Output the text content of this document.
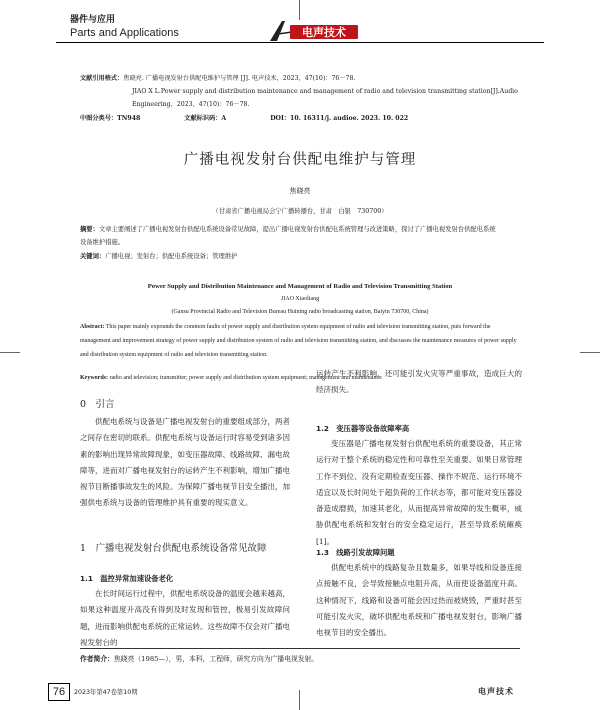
器件与应用
Parts and Applications	电声技术
文献引用格式：焦晓亮. 广播电视发射台供配电维护与管理 [J]. 电声技术，2023，47(10)：76－78.
JIAO X L.Power supply and distribution maintenance and management of radio and television transmitting station[J].Audio
Engineering，2023，47(10)：76－78.
中图分类号：TN948	文献标识码：A	DOI：10. 16311/j. audioe. 2023. 10. 022
广播电视发射台供配电维护与管理
焦晓亮
（甘肃省广播电视局会宁广播转播台，甘肃　白银　730700）
摘要：文章主要阐述了广播电视发射台供配电系统设备常见故障，提出广播电视发射台供配电系统管理与改进策略，探讨了广播电视发射台供配电系统设备维护措施。
关键词：广播电视；发射台；供配电系统设备；管理维护
Power Supply and Distribution Maintenance and Management of Radio and Television Transmitting Station
JIAO Xiaoliang
(Gansu Provincial Radio and Television Bureau Huining radio broadcasting station, Baiyin 730700, China)
Abstract: This paper mainly expounds the common faults of power supply and distribution system equipment of radio and television transmitting station, puts forward the management and improvement strategy of power supply and distribution system of radio and television transmitting station, and discusses the maintenance measures of power supply and distribution system equipment of radio and television transmitting station.
Keywords: radio and television; transmitter; power supply and distribution system equipment; management and maintenance
0　引言

供配电系统与设备是广播电视发射台的重要组成部分，两者之间存在密切的联系。供配电系统与设备运行时容易受到诸多因素的影响出现异常故障现象，如变压器故障、线路故障、漏电故障等，进而对广播电视发射台的运转产生不利影响，增加广播电视节目断播事故发生的风险。为保障广播电视节目安全播出，加强供电系统与设备的管理维护具有重要的现实意义。

1　广播电视发射台供配电系统设备常见故障
1.1　温控异常加速设备老化

在长时间运行过程中，供配电系统设备的温度会越来越高，如果这种温度升高没有得到及时发现和管控，极易引发故障问题，进而影响供配电系统的正常运转。这些故障不仅会对广播电视发射台的

运转产生不利影响，还可能引发火灾等严重事故，造成巨大的经济损失。

1.2　变压器等设备故障率高

变压器是广播电视发射台供配电系统的重要设备，其正常运行对于整个系统的稳定性和可靠性至关重要。如果日常管理工作不到位、没有定期检查变压器、操作不规范、运行环境不适宜以及长时间处于超负荷的工作状态等，都可能对变压器设备造成磨损，加速其老化，从而提高异常故障的发生概率，威胁供配电系统和发射台的安全稳定运行，甚至导致系统瘫痪[1]。

1.3　线路引发故障问题

供配电系统中的线路复杂且数量多，如果导线和设备连接点接触不良，会导致接触点电阻升高，从而使设备温度升高。这种情况下，线路和设备可能会因过热而被烧毁，严重时甚至可能引发火灾，破坏供配电系统和广播电视发射台，影响广播电视节目的安全播出。

作者简介：焦晓亮（1985—），男，本科，工程师，研究方向为广播电视发射。
76	2023年第47卷第10期	电声技术
